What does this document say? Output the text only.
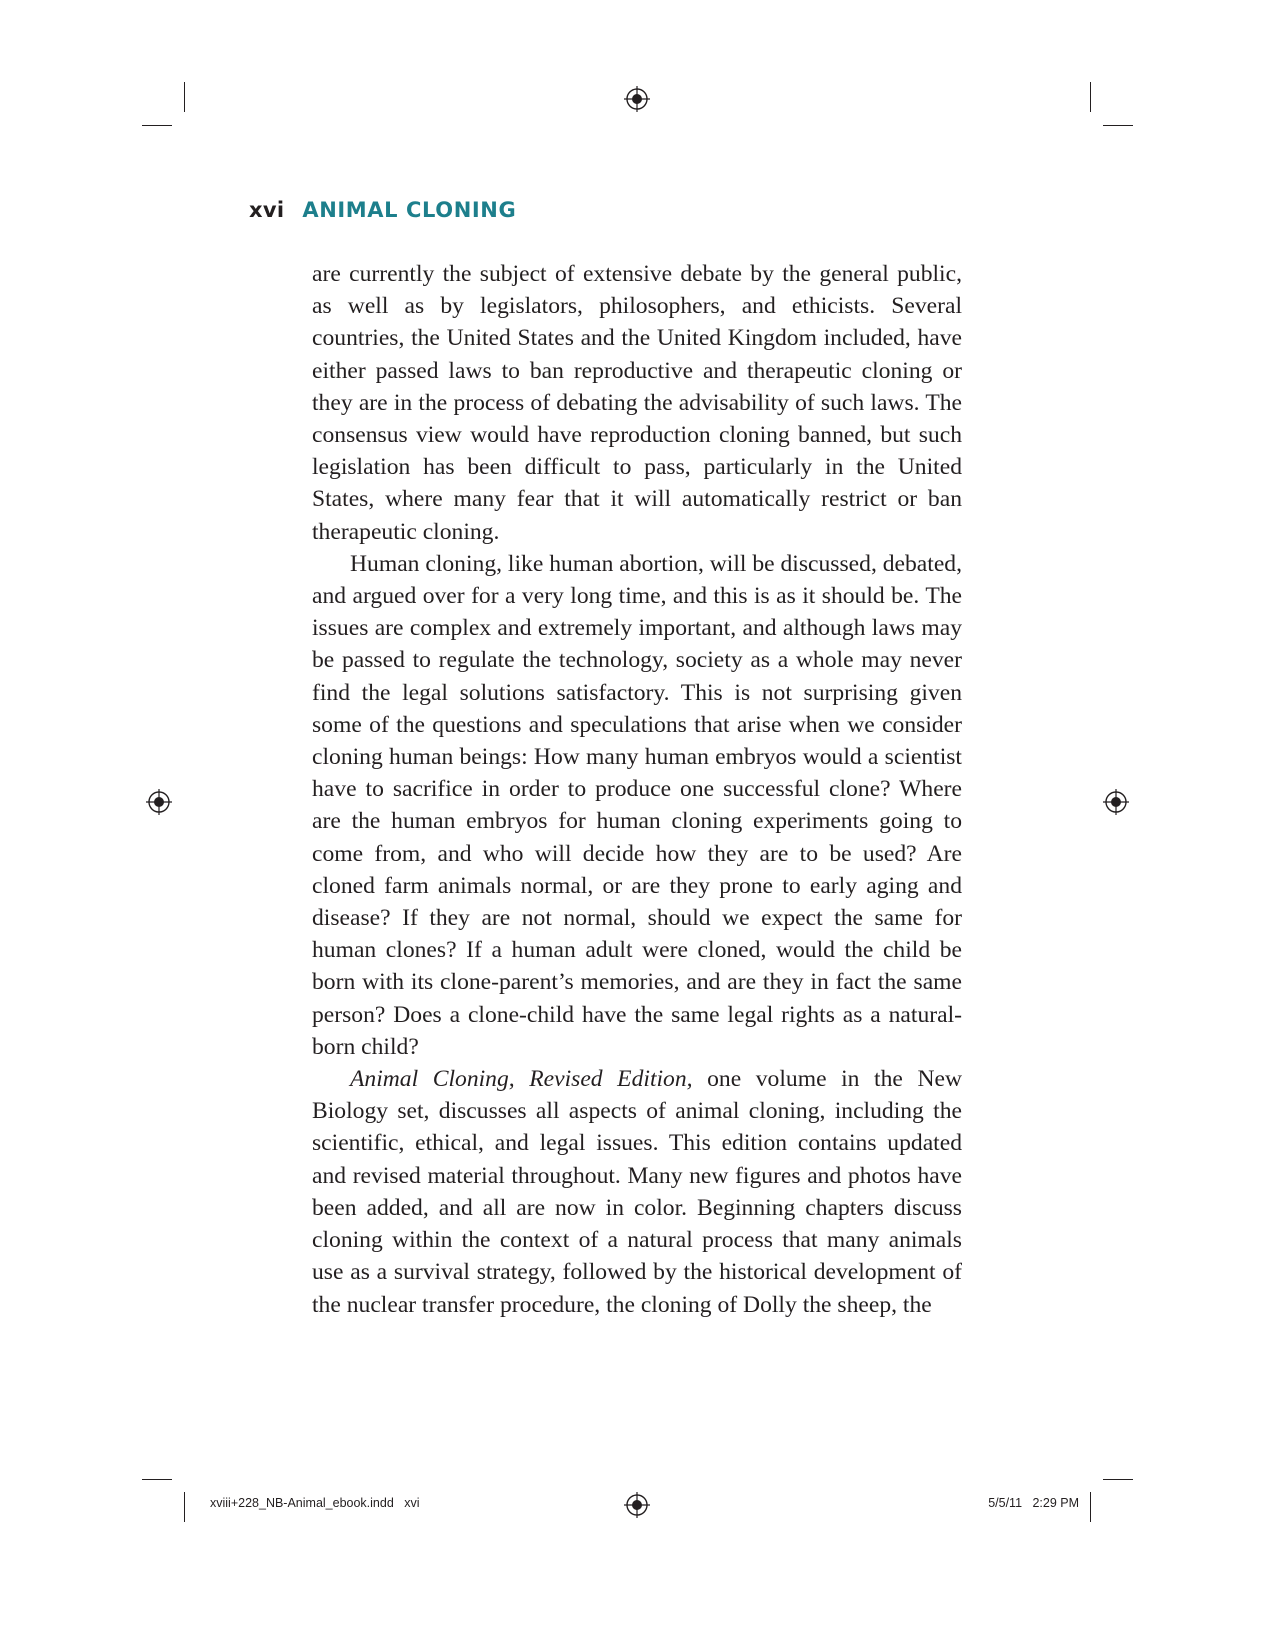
xvi ANIMAL CLONING

are currently the subject of extensive debate by the general public, as well as by legislators, philosophers, and ethicists. Several countries, the United States and the United Kingdom included, have either passed laws to ban reproductive and therapeutic cloning or they are in the process of debating the advisability of such laws. The consensus view would have reproduction cloning banned, but such legislation has been difficult to pass, particularly in the United States, where many fear that it will automatically restrict or ban therapeutic cloning.

Human cloning, like human abortion, will be discussed, debated, and argued over for a very long time, and this is as it should be. The issues are complex and extremely important, and although laws may be passed to regulate the technology, society as a whole may never find the legal solutions satisfactory. This is not surprising given some of the questions and speculations that arise when we consider cloning human beings: How many human embryos would a scientist have to sacrifice in order to produce one successful clone? Where are the human embryos for human cloning experiments going to come from, and who will decide how they are to be used? Are cloned farm animals normal, or are they prone to early aging and disease? If they are not normal, should we expect the same for human clones? If a human adult were cloned, would the child be born with its clone-parent’s memories, and are they in fact the same person? Does a clone-child have the same legal rights as a natural-born child?

Animal Cloning, Revised Edition, one volume in the New Biology set, discusses all aspects of animal cloning, including the scientific, ethical, and legal issues. This edition contains updated and revised material throughout. Many new figures and photos have been added, and all are now in color. Beginning chapters discuss cloning within the context of a natural process that many animals use as a survival strategy, followed by the historical development of the nuclear transfer procedure, the cloning of Dolly the sheep, the

xviii+228_NB-Animal_ebook.indd   xvi	5/5/11   2:29 PM
